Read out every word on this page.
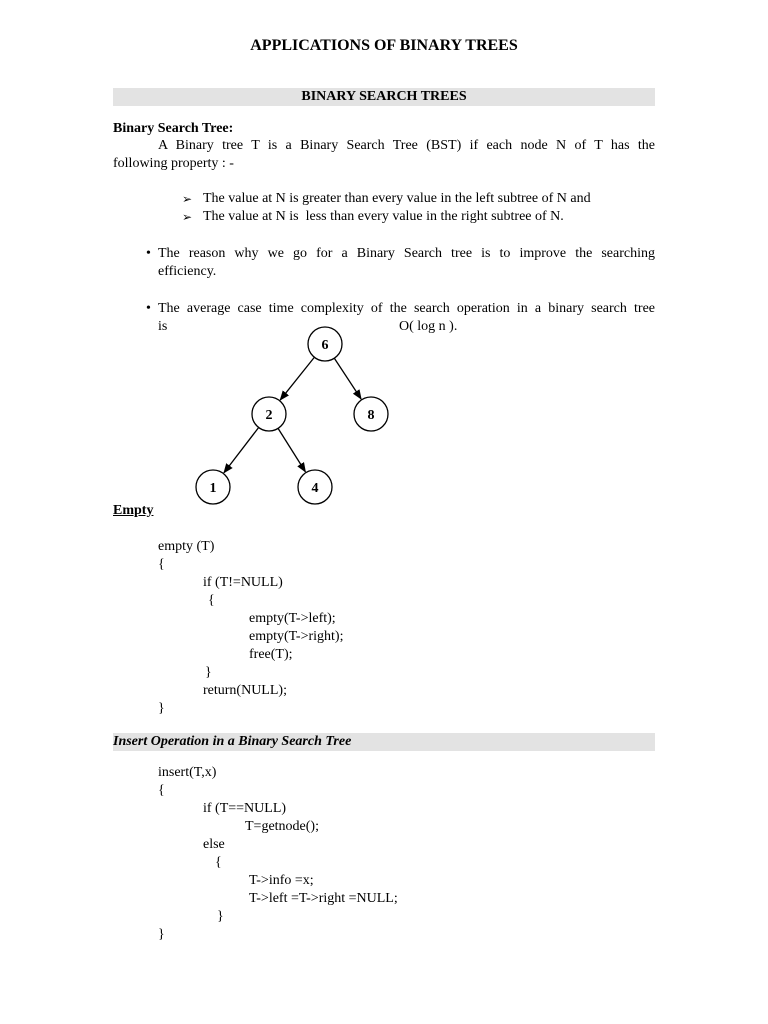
APPLICATIONS OF BINARY TREES
BINARY SEARCH TREES
Binary Search Tree:
A Binary tree T is a Binary Search Tree (BST) if each node N of T has the
following property : -
➢ The value at N is greater than every value in the left subtree of N and
➢ The value at N is  less than every value in the right subtree of N.
• The reason why we go for a Binary Search tree is to improve the searching
efficiency.
• The average case time complexity of the search operation in a binary search tree
is	O( log n ).
6
2	8
1	4
Empty
empty (T)
{
if (T!=NULL)
{
empty(T->left);
empty(T->right);
free(T);
}
return(NULL);
}
Insert Operation in a Binary Search Tree
insert(T,x)
{
if (T==NULL)
T=getnode();
else
{
T->info =x;
T->left =T->right =NULL;
}
}
